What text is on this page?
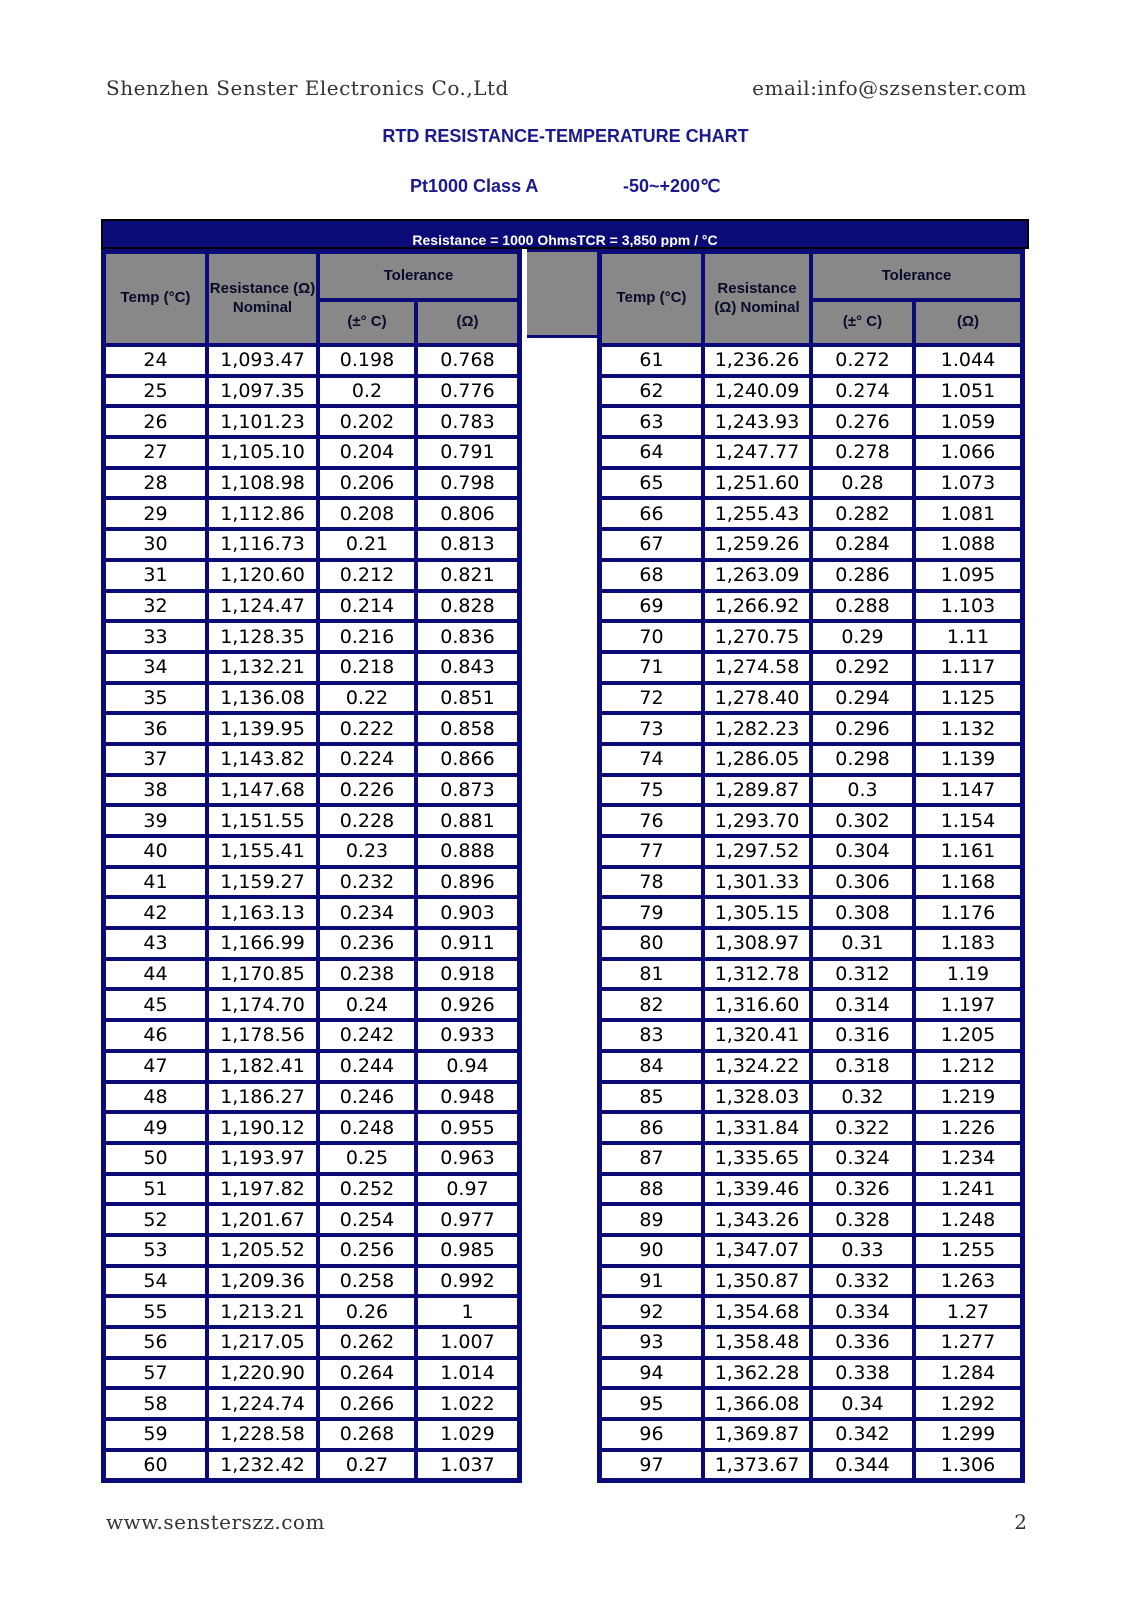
Shenzhen Senster Electronics Co.,Ltd	email:info@szsenster.com
RTD RESISTANCE-TEMPERATURE CHART
Pt1000 Class A	-50~+200℃
Resistance = 1000 OhmsTCR = 3,850 ppm / °C
Temp (°C)	Resistance (Ω) Nominal	Tolerance	
		(±° C)	(Ω)
24	1,093.47	0.198	0.768
25	1,097.35	0.2	0.776
26	1,101.23	0.202	0.783
27	1,105.10	0.204	0.791
28	1,108.98	0.206	0.798
29	1,112.86	0.208	0.806
30	1,116.73	0.21	0.813
31	1,120.60	0.212	0.821
32	1,124.47	0.214	0.828
33	1,128.35	0.216	0.836
34	1,132.21	0.218	0.843
35	1,136.08	0.22	0.851
36	1,139.95	0.222	0.858
37	1,143.82	0.224	0.866
38	1,147.68	0.226	0.873
39	1,151.55	0.228	0.881
40	1,155.41	0.23	0.888
41	1,159.27	0.232	0.896
42	1,163.13	0.234	0.903
43	1,166.99	0.236	0.911
44	1,170.85	0.238	0.918
45	1,174.70	0.24	0.926
46	1,178.56	0.242	0.933
47	1,182.41	0.244	0.94
48	1,186.27	0.246	0.948
49	1,190.12	0.248	0.955
50	1,193.97	0.25	0.963
51	1,197.82	0.252	0.97
52	1,201.67	0.254	0.977
53	1,205.52	0.256	0.985
54	1,209.36	0.258	0.992
55	1,213.21	0.26	1
56	1,217.05	0.262	1.007
57	1,220.90	0.264	1.014
58	1,224.74	0.266	1.022
59	1,228.58	0.268	1.029
60	1,232.42	0.27	1.037
Temp (°C)	Resistance (Ω) Nominal	Tolerance	
		(±° C)	(Ω)
61	1,236.26	0.272	1.044
62	1,240.09	0.274	1.051
63	1,243.93	0.276	1.059
64	1,247.77	0.278	1.066
65	1,251.60	0.28	1.073
66	1,255.43	0.282	1.081
67	1,259.26	0.284	1.088
68	1,263.09	0.286	1.095
69	1,266.92	0.288	1.103
70	1,270.75	0.29	1.11
71	1,274.58	0.292	1.117
72	1,278.40	0.294	1.125
73	1,282.23	0.296	1.132
74	1,286.05	0.298	1.139
75	1,289.87	0.3	1.147
76	1,293.70	0.302	1.154
77	1,297.52	0.304	1.161
78	1,301.33	0.306	1.168
79	1,305.15	0.308	1.176
80	1,308.97	0.31	1.183
81	1,312.78	0.312	1.19
82	1,316.60	0.314	1.197
83	1,320.41	0.316	1.205
84	1,324.22	0.318	1.212
85	1,328.03	0.32	1.219
86	1,331.84	0.322	1.226
87	1,335.65	0.324	1.234
88	1,339.46	0.326	1.241
89	1,343.26	0.328	1.248
90	1,347.07	0.33	1.255
91	1,350.87	0.332	1.263
92	1,354.68	0.334	1.27
93	1,358.48	0.336	1.277
94	1,362.28	0.338	1.284
95	1,366.08	0.34	1.292
96	1,369.87	0.342	1.299
97	1,373.67	0.344	1.306
www.sensterszz.com	2
